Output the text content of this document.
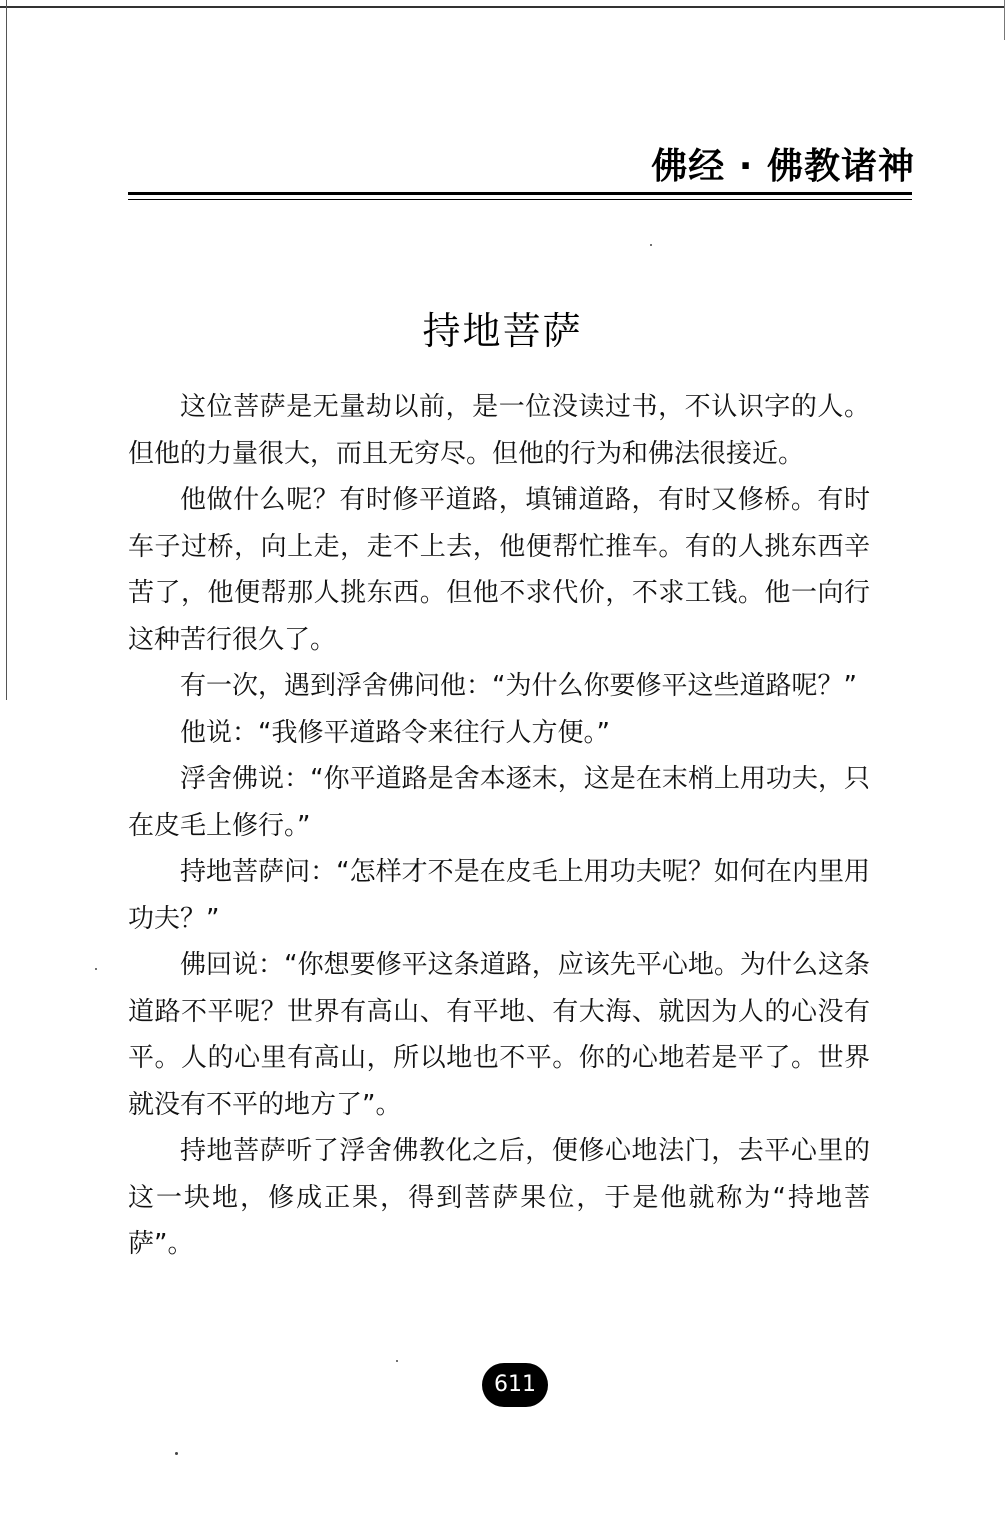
佛经 · 佛教诸神
持地菩萨

这位菩萨是无量劫以前，是一位没读过书，不认识字的人。但他的力量很大，而且无穷尽。但他的行为和佛法很接近。

他做什么呢？有时修平道路，填铺道路，有时又修桥。有时车子过桥，向上走，走不上去，他便帮忙推车。有的人挑东西辛苦了，他便帮那人挑东西。但他不求代价，不求工钱。他一向行这种苦行很久了。

有一次，遇到浮舍佛问他：“为什么你要修平这些道路呢？”

他说：“我修平道路令来往行人方便。”

浮舍佛说：“你平道路是舍本逐末，这是在末梢上用功夫，只在皮毛上修行。”

持地菩萨问：“怎样才不是在皮毛上用功夫呢？如何在内里用功夫？”

佛回说：“你想要修平这条道路，应该先平心地。为什么这条道路不平呢？世界有高山、有平地、有大海、就因为人的心没有平。人的心里有高山，所以地也不平。你的心地若是平了。世界就没有不平的地方了”。

持地菩萨听了浮舍佛教化之后，便修心地法门，去平心里的这一块地，修成正果，得到菩萨果位，于是他就称为“持地菩萨”。

611
